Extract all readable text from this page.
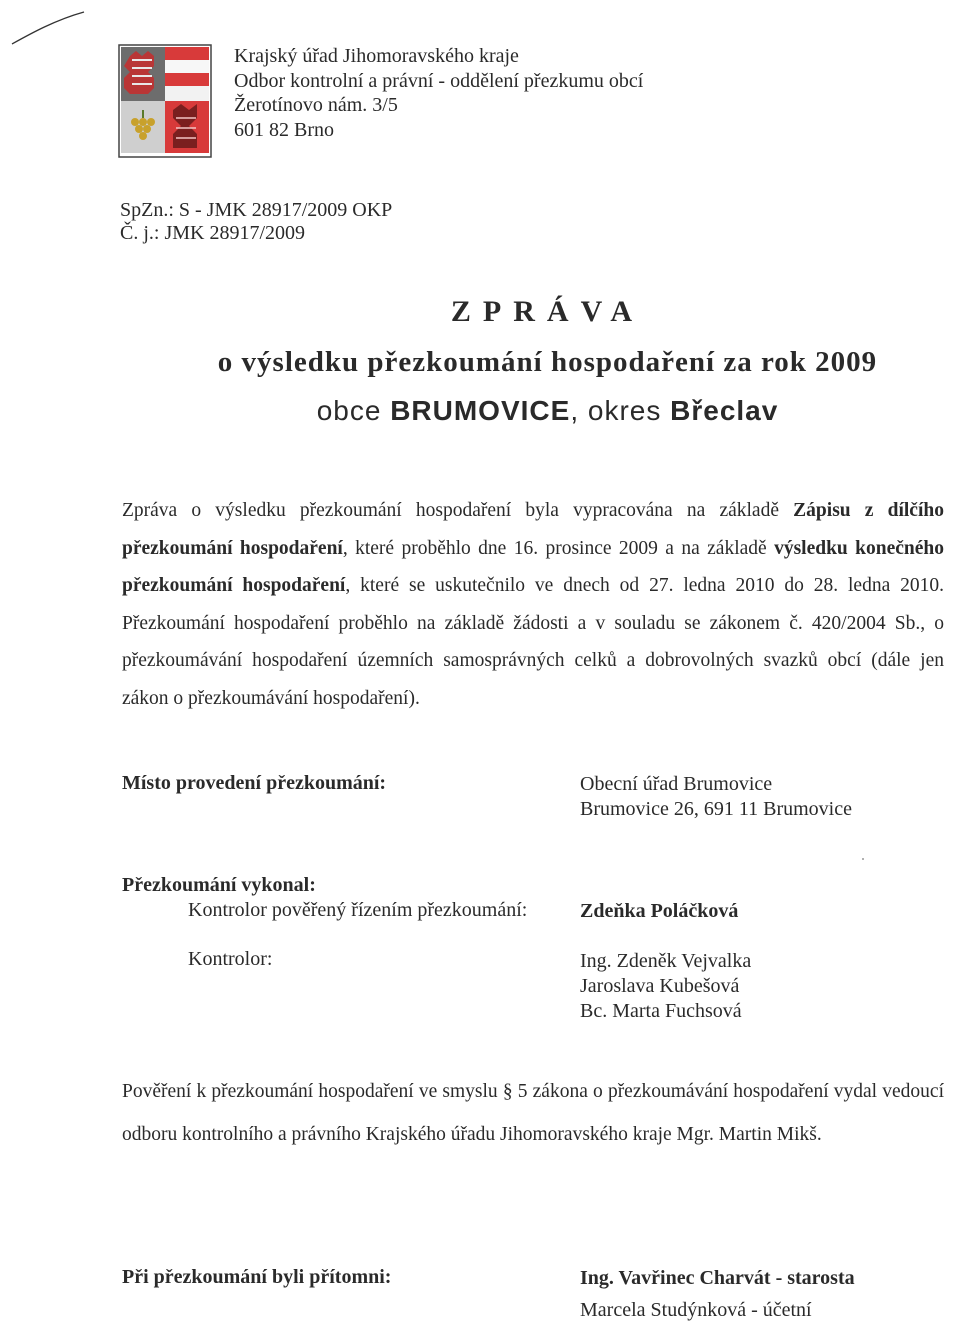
Krajský úřad Jihomoravského kraje
Odbor kontrolní a právní - oddělení přezkumu obcí
Žerotínovo nám. 3/5
601 82 Brno
SpZn.: S - JMK 28917/2009 OKP
Č. j.: JMK 28917/2009
ZPRÁVA
o výsledku přezkoumání hospodaření za rok 2009
obce BRUMOVICE, okres Břeclav
Zpráva o výsledku přezkoumání hospodaření byla vypracována na základě Zápisu z dílčího přezkoumání hospodaření, které proběhlo dne 16. prosince 2009 a na základě výsledku konečného přezkoumání hospodaření, které se uskutečnilo ve dnech od 27. ledna 2010 do 28. ledna 2010. Přezkoumání hospodaření proběhlo na základě žádosti a v souladu se zákonem č. 420/2004 Sb., o přezkoumávání hospodaření územních samosprávných celků a dobrovolných svazků obcí (dále jen zákon o přezkoumávání hospodaření).
Místo provedení přezkoumání:	Obecní úřad Brumovice
Brumovice 26, 691 11 Brumovice
Přezkoumání vykonal:
Kontrolor pověřený řízením přezkoumání:	Zdeňka Poláčková
Kontrolor:	Ing. Zdeněk Vejvalka
Jaroslava Kubešová
Bc. Marta Fuchsová
Pověření k přezkoumání hospodaření ve smyslu § 5 zákona o přezkoumávání hospodaření vydal vedoucí odboru kontrolního a právního Krajského úřadu Jihomoravského kraje Mgr. Martin Mikš.
Při přezkoumání byli přítomni:	Ing. Vavřinec Charvát - starosta
Marcela Studýnková - účetní
